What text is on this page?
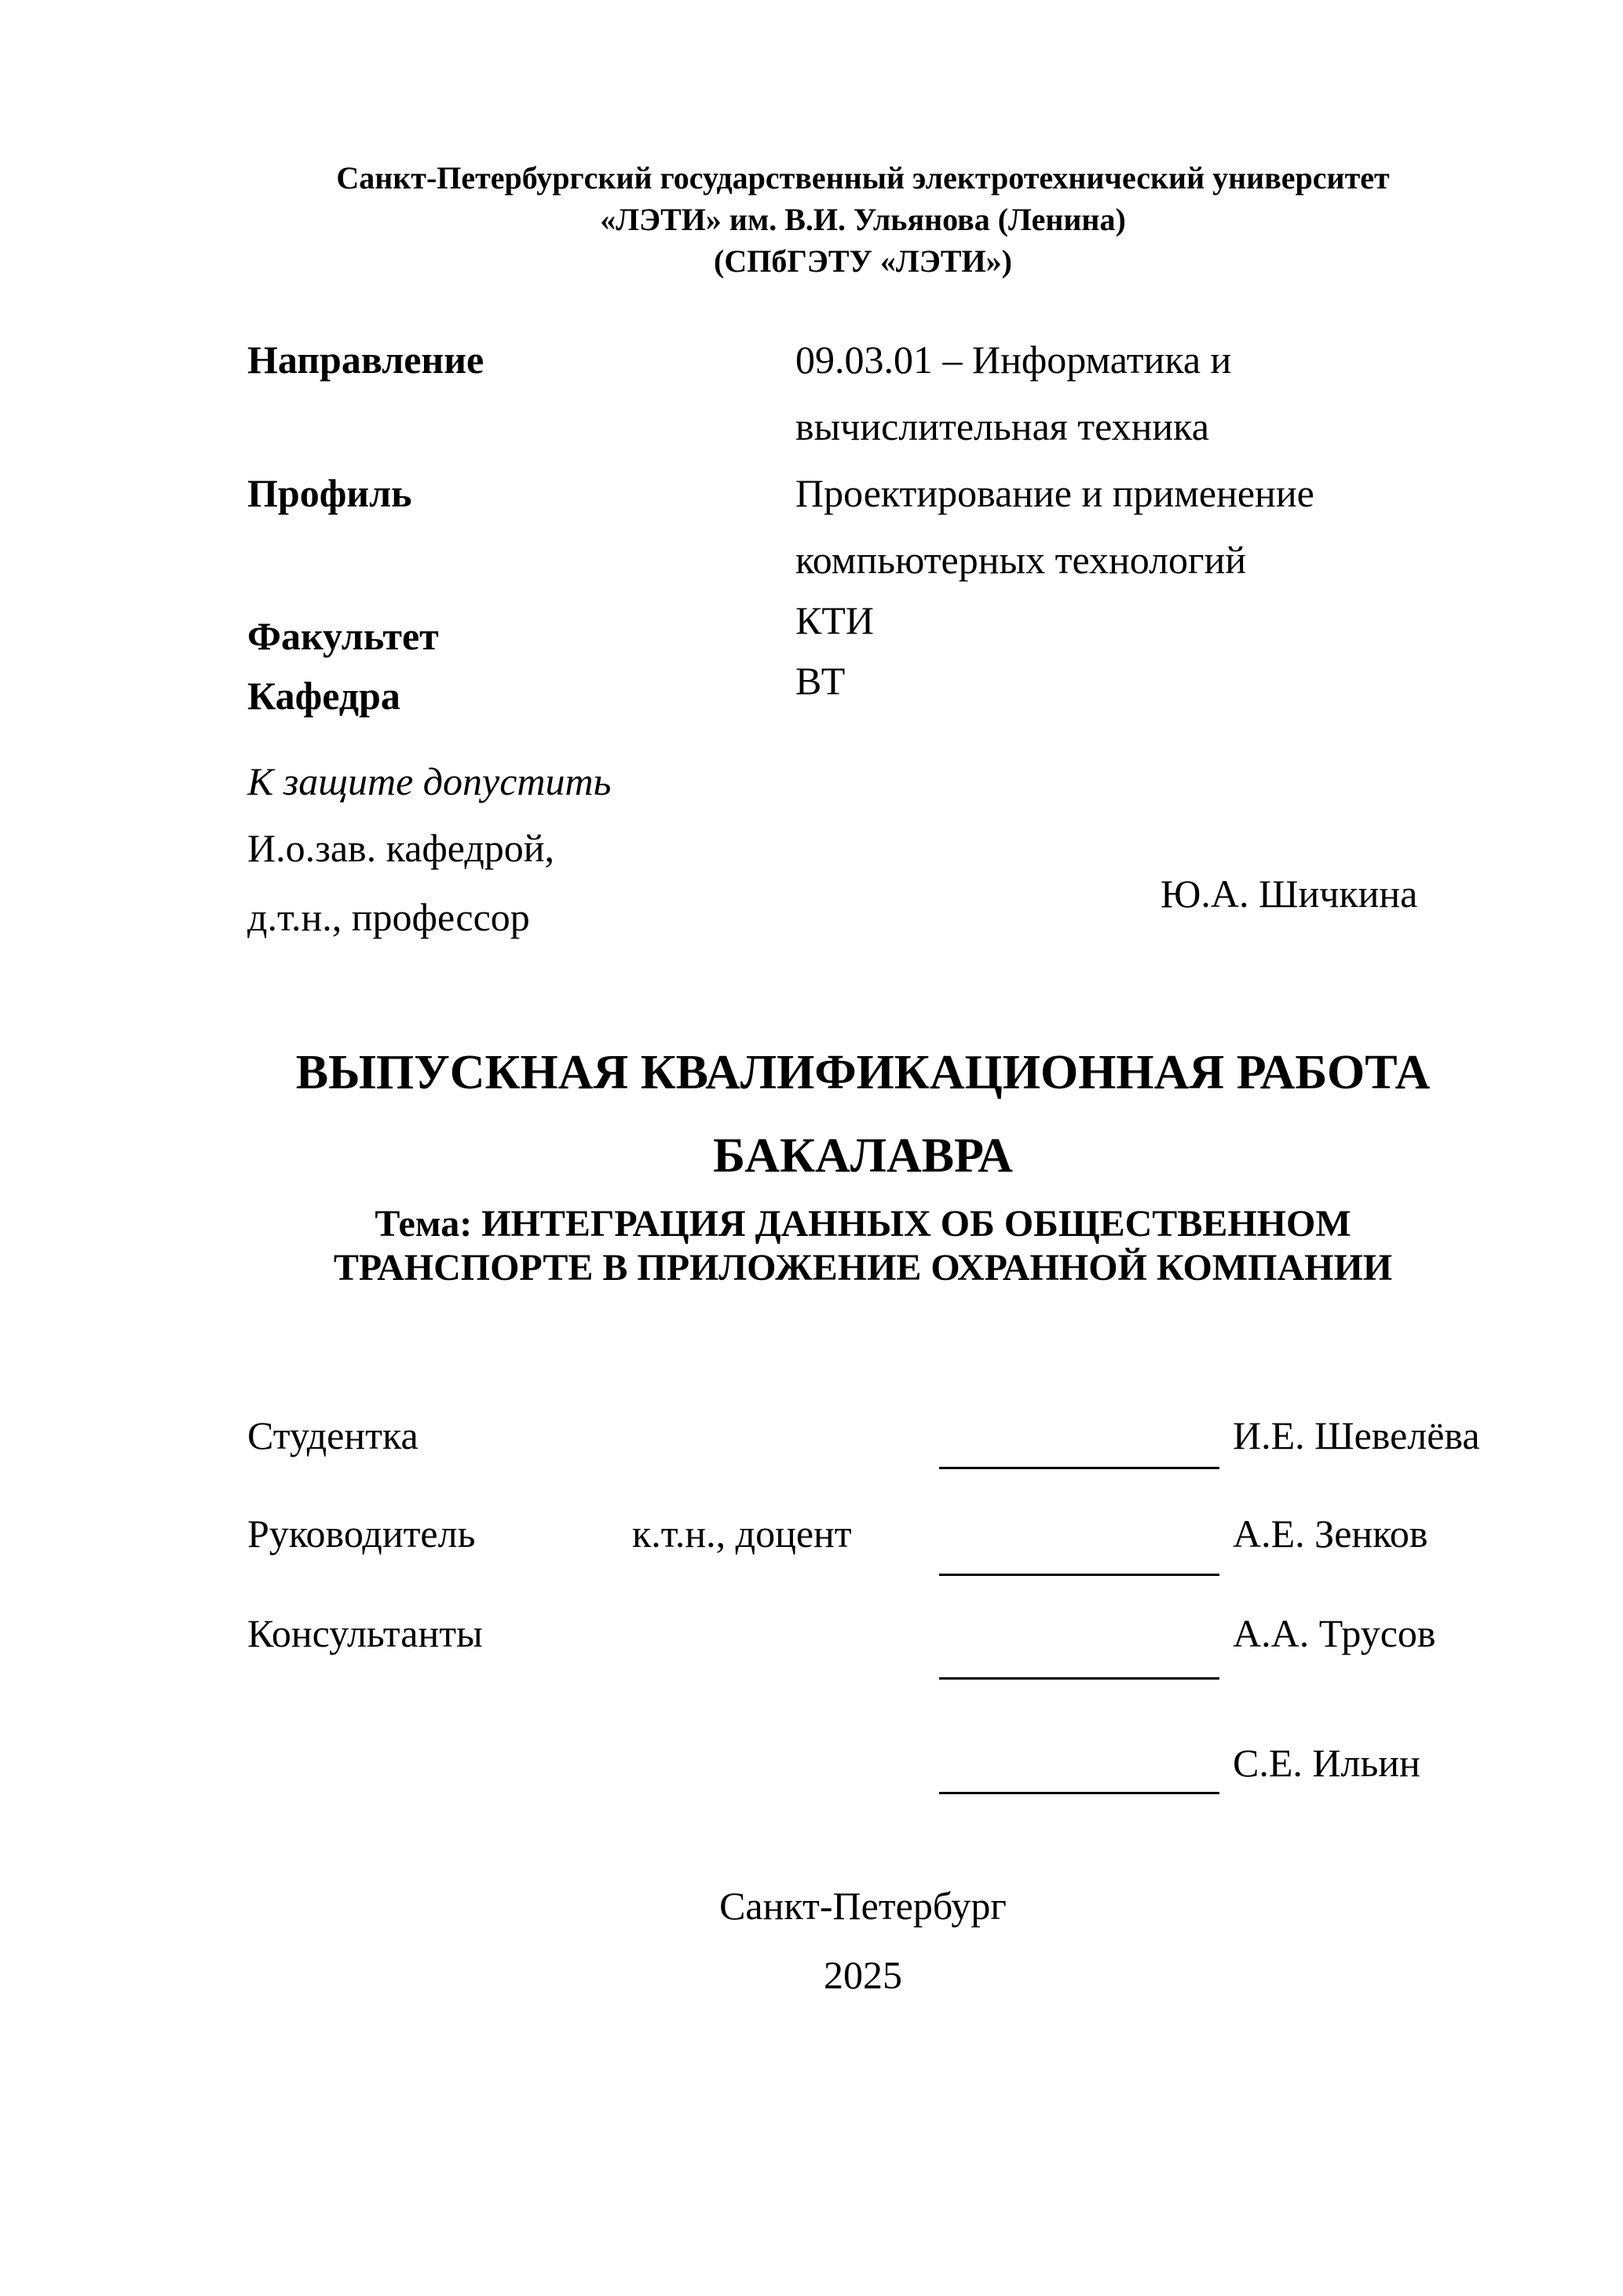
Санкт-Петербургский государственный электротехнический университет
«ЛЭТИ» им. В.И. Ульянова (Ленина)
(СПбГЭТУ «ЛЭТИ»)
Направление	09.03.01 – Информатика и
вычислительная техника
Профиль	Проектирование и применение
компьютерных технологий
Факультет	КТИ
Кафедра	ВТ
К защите допустить
И.о.зав. кафедрой,
д.т.н., профессор
Ю.А. Шичкина
ВЫПУСКНАЯ КВАЛИФИКАЦИОННАЯ РАБОТА
БАКАЛАВРА
Тема: ИНТЕГРАЦИЯ ДАННЫХ ОБ ОБЩЕСТВЕННОМ
ТРАНСПОРТЕ В ПРИЛОЖЕНИЕ ОХРАННОЙ КОМПАНИИ
Студентка	И.Е. Шевелёва
Руководитель	к.т.н., доцент	А.Е. Зенков
Консультанты	А.А. Трусов
С.Е. Ильин
Санкт-Петербург
2025
